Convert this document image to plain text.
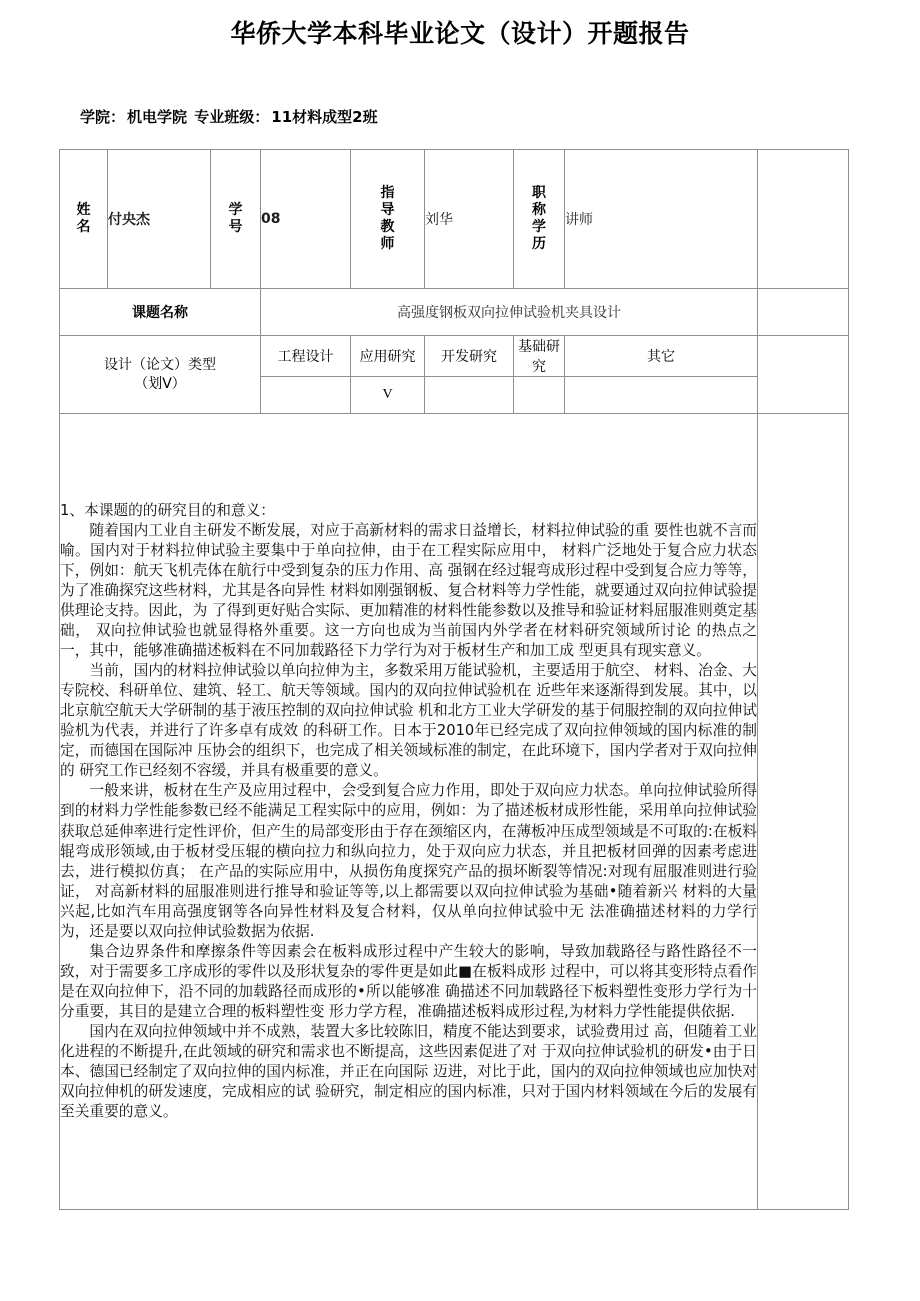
华侨大学本科毕业论文（设计）开题报告
学院： 机电学院 专业班级： 11材料成型2班
姓名	付央杰	学号	08	指导教师	刘华	职称学历	讲师	
课题名称			高强度钢板双向拉伸试验机夹具设计					

设计（论文）类型
（划V）			工程设计	应用研究	开发研究	基础研究	其它	
				V				

1、本课题的的研究目的和意义：

随着国内工业自主研发不断发展，对应于高新材料的需求日益增长，材料拉伸试验的重 要性也就不言而喻。国内对于材料拉伸试验主要集中于单向拉伸，由于在工程实际应用中， 材料广泛地处于复合应力状态下，例如：航天飞机壳体在航行中受到复杂的压力作用、高 强钢在经过辊弯成形过程中受到复合应力等等，为了准确探究这些材料，尤其是各向异性 材料如刚强钢板、复合材料等力学性能，就要通过双向拉伸试验提供理论支持。因此，为 了得到更好贴合实际、更加精准的材料性能参数以及推导和验证材料屈服准则奠定基础， 双向拉伸试验也就显得格外重要。这一方向也成为当前国内外学者在材料研究领域所讨论 的热点之一，其中，能够准确描述板料在不冋加载路径下力学行为对于板材生产和加工成 型更具有现实意义。

当前，国内的材料拉伸试验以单向拉伸为主，多数采用万能试验机，主要适用于航空、 材料、冶金、大专院校、科研单位、建筑、轻工、航天等领域。国内的双向拉伸试验机在 近些年来逐渐得到发展。其中，以北京航空航天大学研制的基于液压控制的双向拉伸试验 机和北方工业大学研发的基于伺服控制的双向拉伸试验机为代表，并进行了许多卓有成效 的科研工作。日本于2010年已经完成了双向拉伸领域的国内标准的制定，而德国在国际冲 压协会的组织下，也完成了相关领域标准的制定，在此环境下，国内学者对于双向拉伸的 研究工作已经刻不容缓，并具有极重要的意义。

一般来讲，板材在生产及应用过程中，会受到复合应力作用，即处于双向应力状态。单向拉伸试验所得到的材料力学性能参数已经不能满足工程实际中的应用，例如：为了描述板材成形性能，采用单向拉伸试验获取总延伸率进行定性评价，但产生的局部变形由于存在颈缩区内，在薄板冲压成型领域是不可取的:在板料辊弯成形领域,由于板材受压辊的横向拉力和纵向拉力，处于双向应力状态，并且把板材回弹的因素考虑进去，进行模拟仿真； 在产品的实际应用中，从损伤角度探究产品的损坏断裂等情况:对现有屈服准则进行验证， 对高新材料的屈服准则进行推导和验证等等,以上都需要以双向拉伸试验为基础•随着新兴 材料的大量兴起,比如汽车用高强度钢等各向异性材料及复合材料，仅从单向拉伸试验中无 法准确描述材料的力学行为，还是要以双向拉伸试验数据为依据.

集合边界条件和摩擦条件等因素会在板料成形过程中产生较大的影响，导致加载路径与路性路径不一致，对于需要多工序成形的零件以及形状复杂的零件更是如此■在板料成形 过程中，可以将其变形特点看作是在双向拉伸下，沿不同的加载路径而成形的•所以能够准 确描述不冋加载路径下板料塑性变形力学行为十分重要，其目的是建立合理的板料塑性变 形力学方程，准确描述板料成形过程,为材料力学性能提供依据.

国内在双向拉伸领域中并不成熟，装置大多比较陈旧，精度不能达到要求，试验费用过 高，但随着工业化进程的不断提升,在此领域的研究和需求也不断提高，这些因素促进了对 于双向拉伸试验机的研发•由于日本、德国已经制定了双向拉伸的国内标准，并正在向国际 迈进，对比于此，国内的双向拉伸领域也应加快对双向拉伸机的研发速度，完成相应的试 验研究，制定相应的国内标准，只对于国内材料领域在今后的发展有至关重要的意义。
